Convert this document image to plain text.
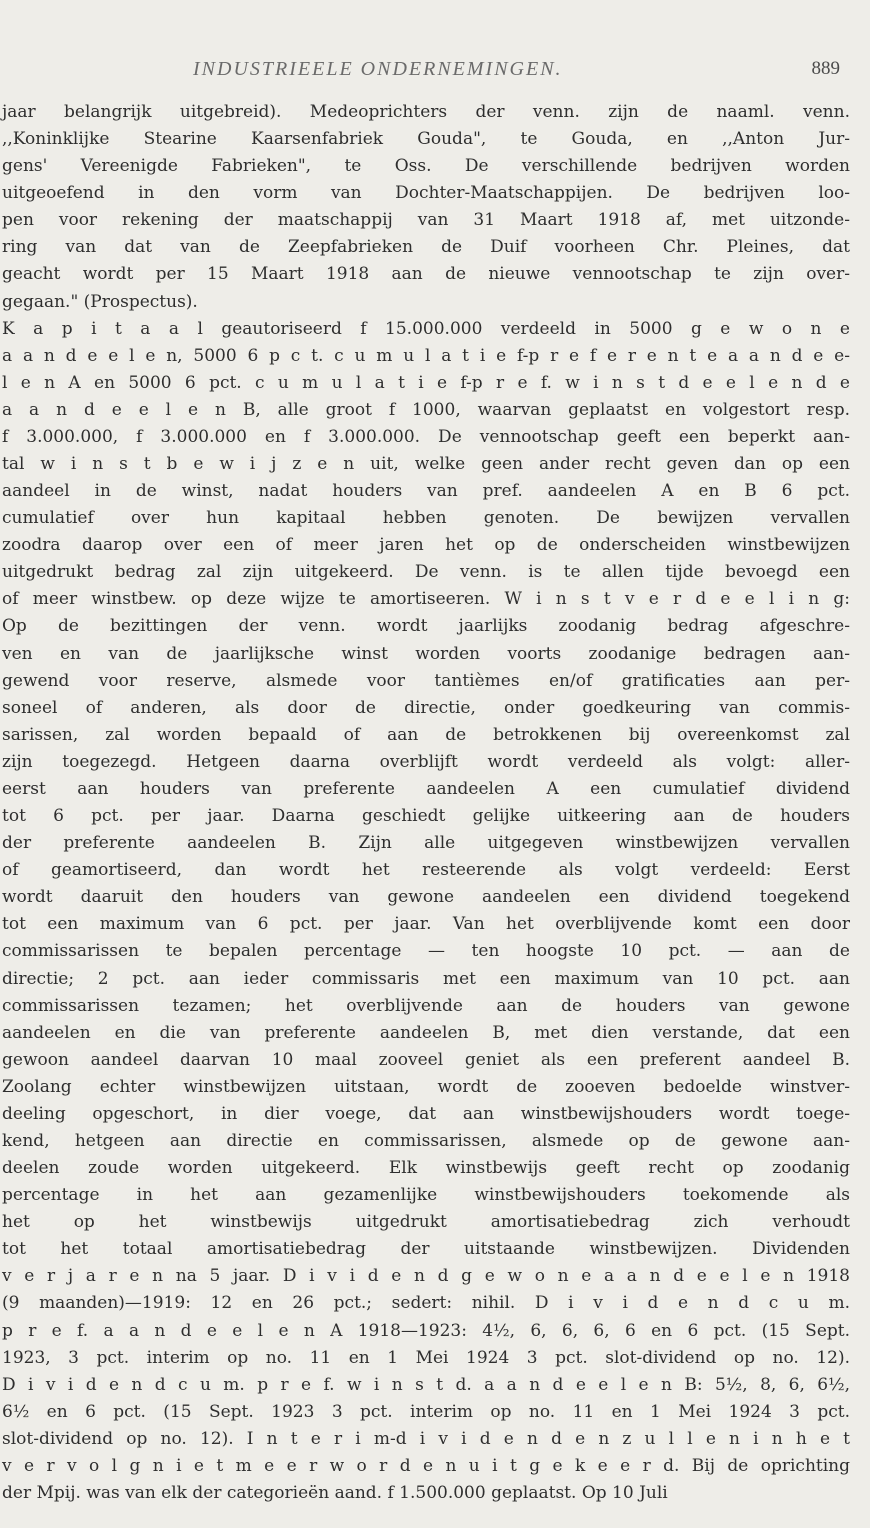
INDUSTRIEELE ONDERNEMINGEN.	889
jaar belangrijk uitgebreid). Medeoprichters der venn. zijn de naaml. venn.
,,Koninklijke Stearine Kaarsenfabriek Gouda", te Gouda, en ,,Anton Jur-
gens' Vereenigde Fabrieken", te Oss. De verschillende bedrijven worden
uitgeoefend in den vorm van Dochter-Maatschappijen. De bedrijven loo-
pen voor rekening der maatschappij van 31 Maart 1918 af, met uitzonde-
ring van dat van de Zeepfabrieken de Duif voorheen Chr. Pleines, dat
geacht wordt per 15 Maart 1918 aan de nieuwe vennootschap te zijn over-
gegaan." (Prospectus).
K a p i t a a l geautoriseerd f 15.000.000 verdeeld in 5000 g e w o n e
a a n d e e l e n, 5000 6 p c t. c u m u l a t i e f-p r e f e r e n t e a a n d e e-
l e n A en 5000 6 pct. c u m u l a t i e f-p r e f. w i n s t d e e l e n d e
a a n d e e l e n B, alle groot f 1000, waarvan geplaatst en volgestort resp.
f 3.000.000, f 3.000.000 en f 3.000.000. De vennootschap geeft een beperkt aan-
tal w i n s t b e w i j z e n uit, welke geen ander recht geven dan op een
aandeel in de winst, nadat houders van pref. aandeelen A en B 6 pct.
cumulatief over hun kapitaal hebben genoten. De bewijzen vervallen
zoodra daarop over een of meer jaren het op de onderscheiden winstbewijzen
uitgedrukt bedrag zal zijn uitgekeerd. De venn. is te allen tijde bevoegd een
of meer winstbew. op deze wijze te amortiseeren. W i n s t v e r d e e l i n g:
Op de bezittingen der venn. wordt jaarlijks zoodanig bedrag afgeschre-
ven en van de jaarlijksche winst worden voorts zoodanige bedragen aan-
gewend voor reserve, alsmede voor tantièmes en/of gratificaties aan per-
soneel of anderen, als door de directie, onder goedkeuring van commis-
sarissen, zal worden bepaald of aan de betrokkenen bij overeenkomst zal
zijn toegezegd. Hetgeen daarna overblijft wordt verdeeld als volgt: aller-
eerst aan houders van preferente aandeelen A een cumulatief dividend
tot 6 pct. per jaar. Daarna geschiedt gelijke uitkeering aan de houders
der preferente aandeelen B. Zijn alle uitgegeven winstbewijzen vervallen
of geamortiseerd, dan wordt het resteerende als volgt verdeeld: Eerst
wordt daaruit den houders van gewone aandeelen een dividend toegekend
tot een maximum van 6 pct. per jaar. Van het overblijvende komt een door
commissarissen te bepalen percentage — ten hoogste 10 pct. — aan de
directie; 2 pct. aan ieder commissaris met een maximum van 10 pct. aan
commissarissen tezamen; het overblijvende aan de houders van gewone
aandeelen en die van preferente aandeelen B, met dien verstande, dat een
gewoon aandeel daarvan 10 maal zooveel geniet als een preferent aandeel B.
Zoolang echter winstbewijzen uitstaan, wordt de zooeven bedoelde winstver-
deeling opgeschort, in dier voege, dat aan winstbewijshouders wordt toege-
kend, hetgeen aan directie en commissarissen, alsmede op de gewone aan-
deelen zoude worden uitgekeerd. Elk winstbewijs geeft recht op zoodanig
percentage in het aan gezamenlijke winstbewijshouders toekomende als
het op het winstbewijs uitgedrukt amortisatiebedrag zich verhoudt
tot het totaal amortisatiebedrag der uitstaande winstbewijzen. Dividenden
v e r j a r e n na 5 jaar. D i v i d e n d g e w o n e a a n d e e l e n 1918
(9 maanden)—1919: 12 en 26 pct.; sedert: nihil. D i v i d e n d c u m.
p r e f. a a n d e e l e n A 1918—1923: 4½, 6, 6, 6, 6 en 6 pct. (15 Sept.
1923, 3 pct. interim op no. 11 en 1 Mei 1924 3 pct. slot-dividend op no. 12).
D i v i d e n d c u m. p r e f. w i n s t d. a a n d e e l e n B: 5½, 8, 6, 6½,
6½ en 6 pct. (15 Sept. 1923 3 pct. interim op no. 11 en 1 Mei 1924 3 pct.
slot-dividend op no. 12). I n t e r i m-d i v i d e n d e n z u l l e n i n h e t
v e r v o l g n i e t m e e r w o r d e n u i t g e k e e r d. Bij de oprichting
der Mpij. was van elk der categorieën aand. f 1.500.000 geplaatst. Op 10 Juli
